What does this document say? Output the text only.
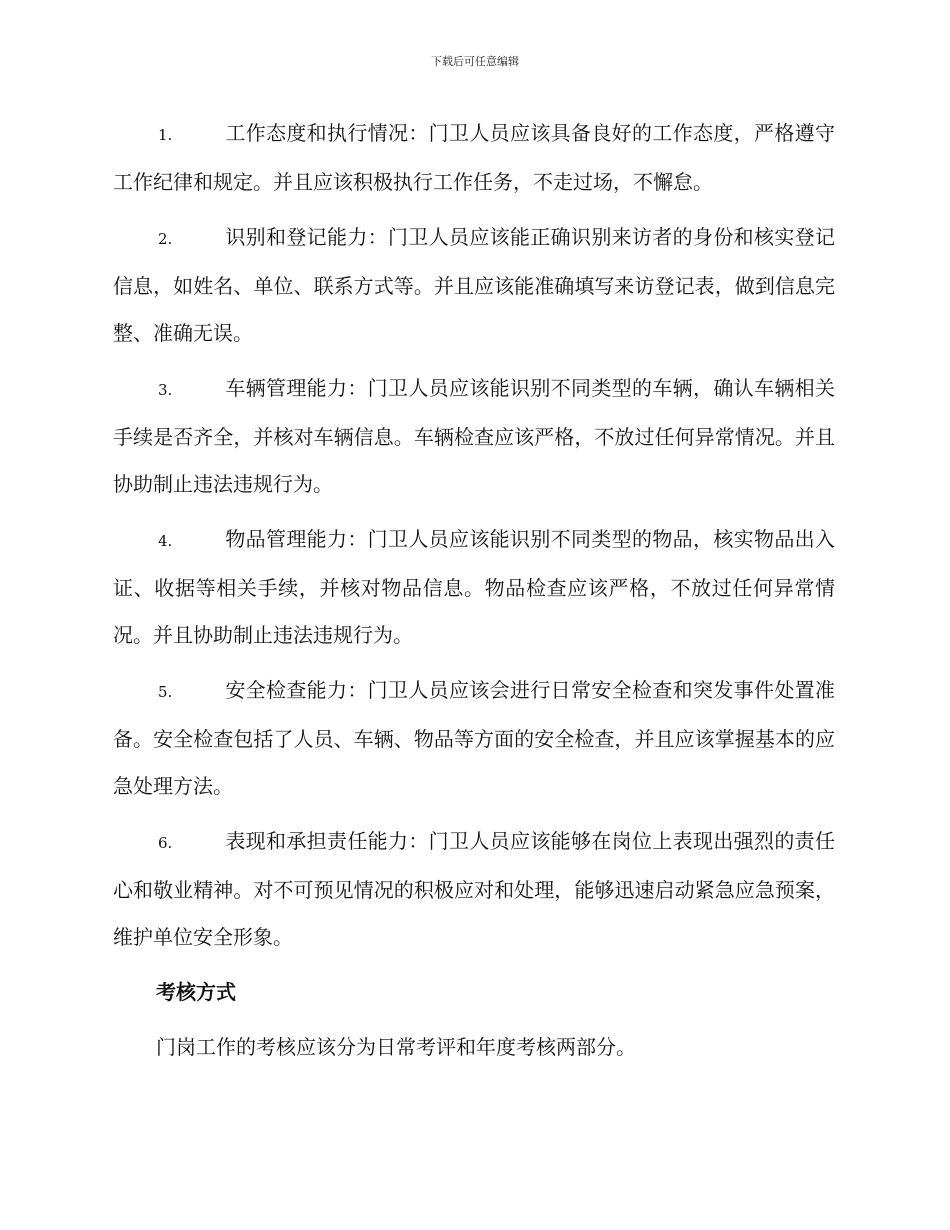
下载后可任意编辑

1.	工作态度和执行情况：门卫人员应该具备良好的工作态度，严格遵守工作纪律和规定。并且应该积极执行工作任务，不走过场，不懈怠。

2.	识别和登记能力：门卫人员应该能正确识别来访者的身份和核实登记信息，如姓名、单位、联系方式等。并且应该能准确填写来访登记表，做到信息完整、准确无误。

3.	车辆管理能力：门卫人员应该能识别不同类型的车辆，确认车辆相关手续是否齐全，并核对车辆信息。车辆检查应该严格，不放过任何异常情况。并且协助制止违法违规行为。

4.	物品管理能力：门卫人员应该能识别不同类型的物品，核实物品出入证、收据等相关手续，并核对物品信息。物品检查应该严格，不放过任何异常情况。并且协助制止违法违规行为。

5.	安全检查能力：门卫人员应该会进行日常安全检查和突发事件处置准备。安全检查包括了人员、车辆、物品等方面的安全检查，并且应该掌握基本的应急处理方法。

6.	表现和承担责任能力：门卫人员应该能够在岗位上表现出强烈的责任心和敬业精神。对不可预见情况的积极应对和处理，能够迅速启动紧急应急预案，维护单位安全形象。

考核方式

门岗工作的考核应该分为日常考评和年度考核两部分。
